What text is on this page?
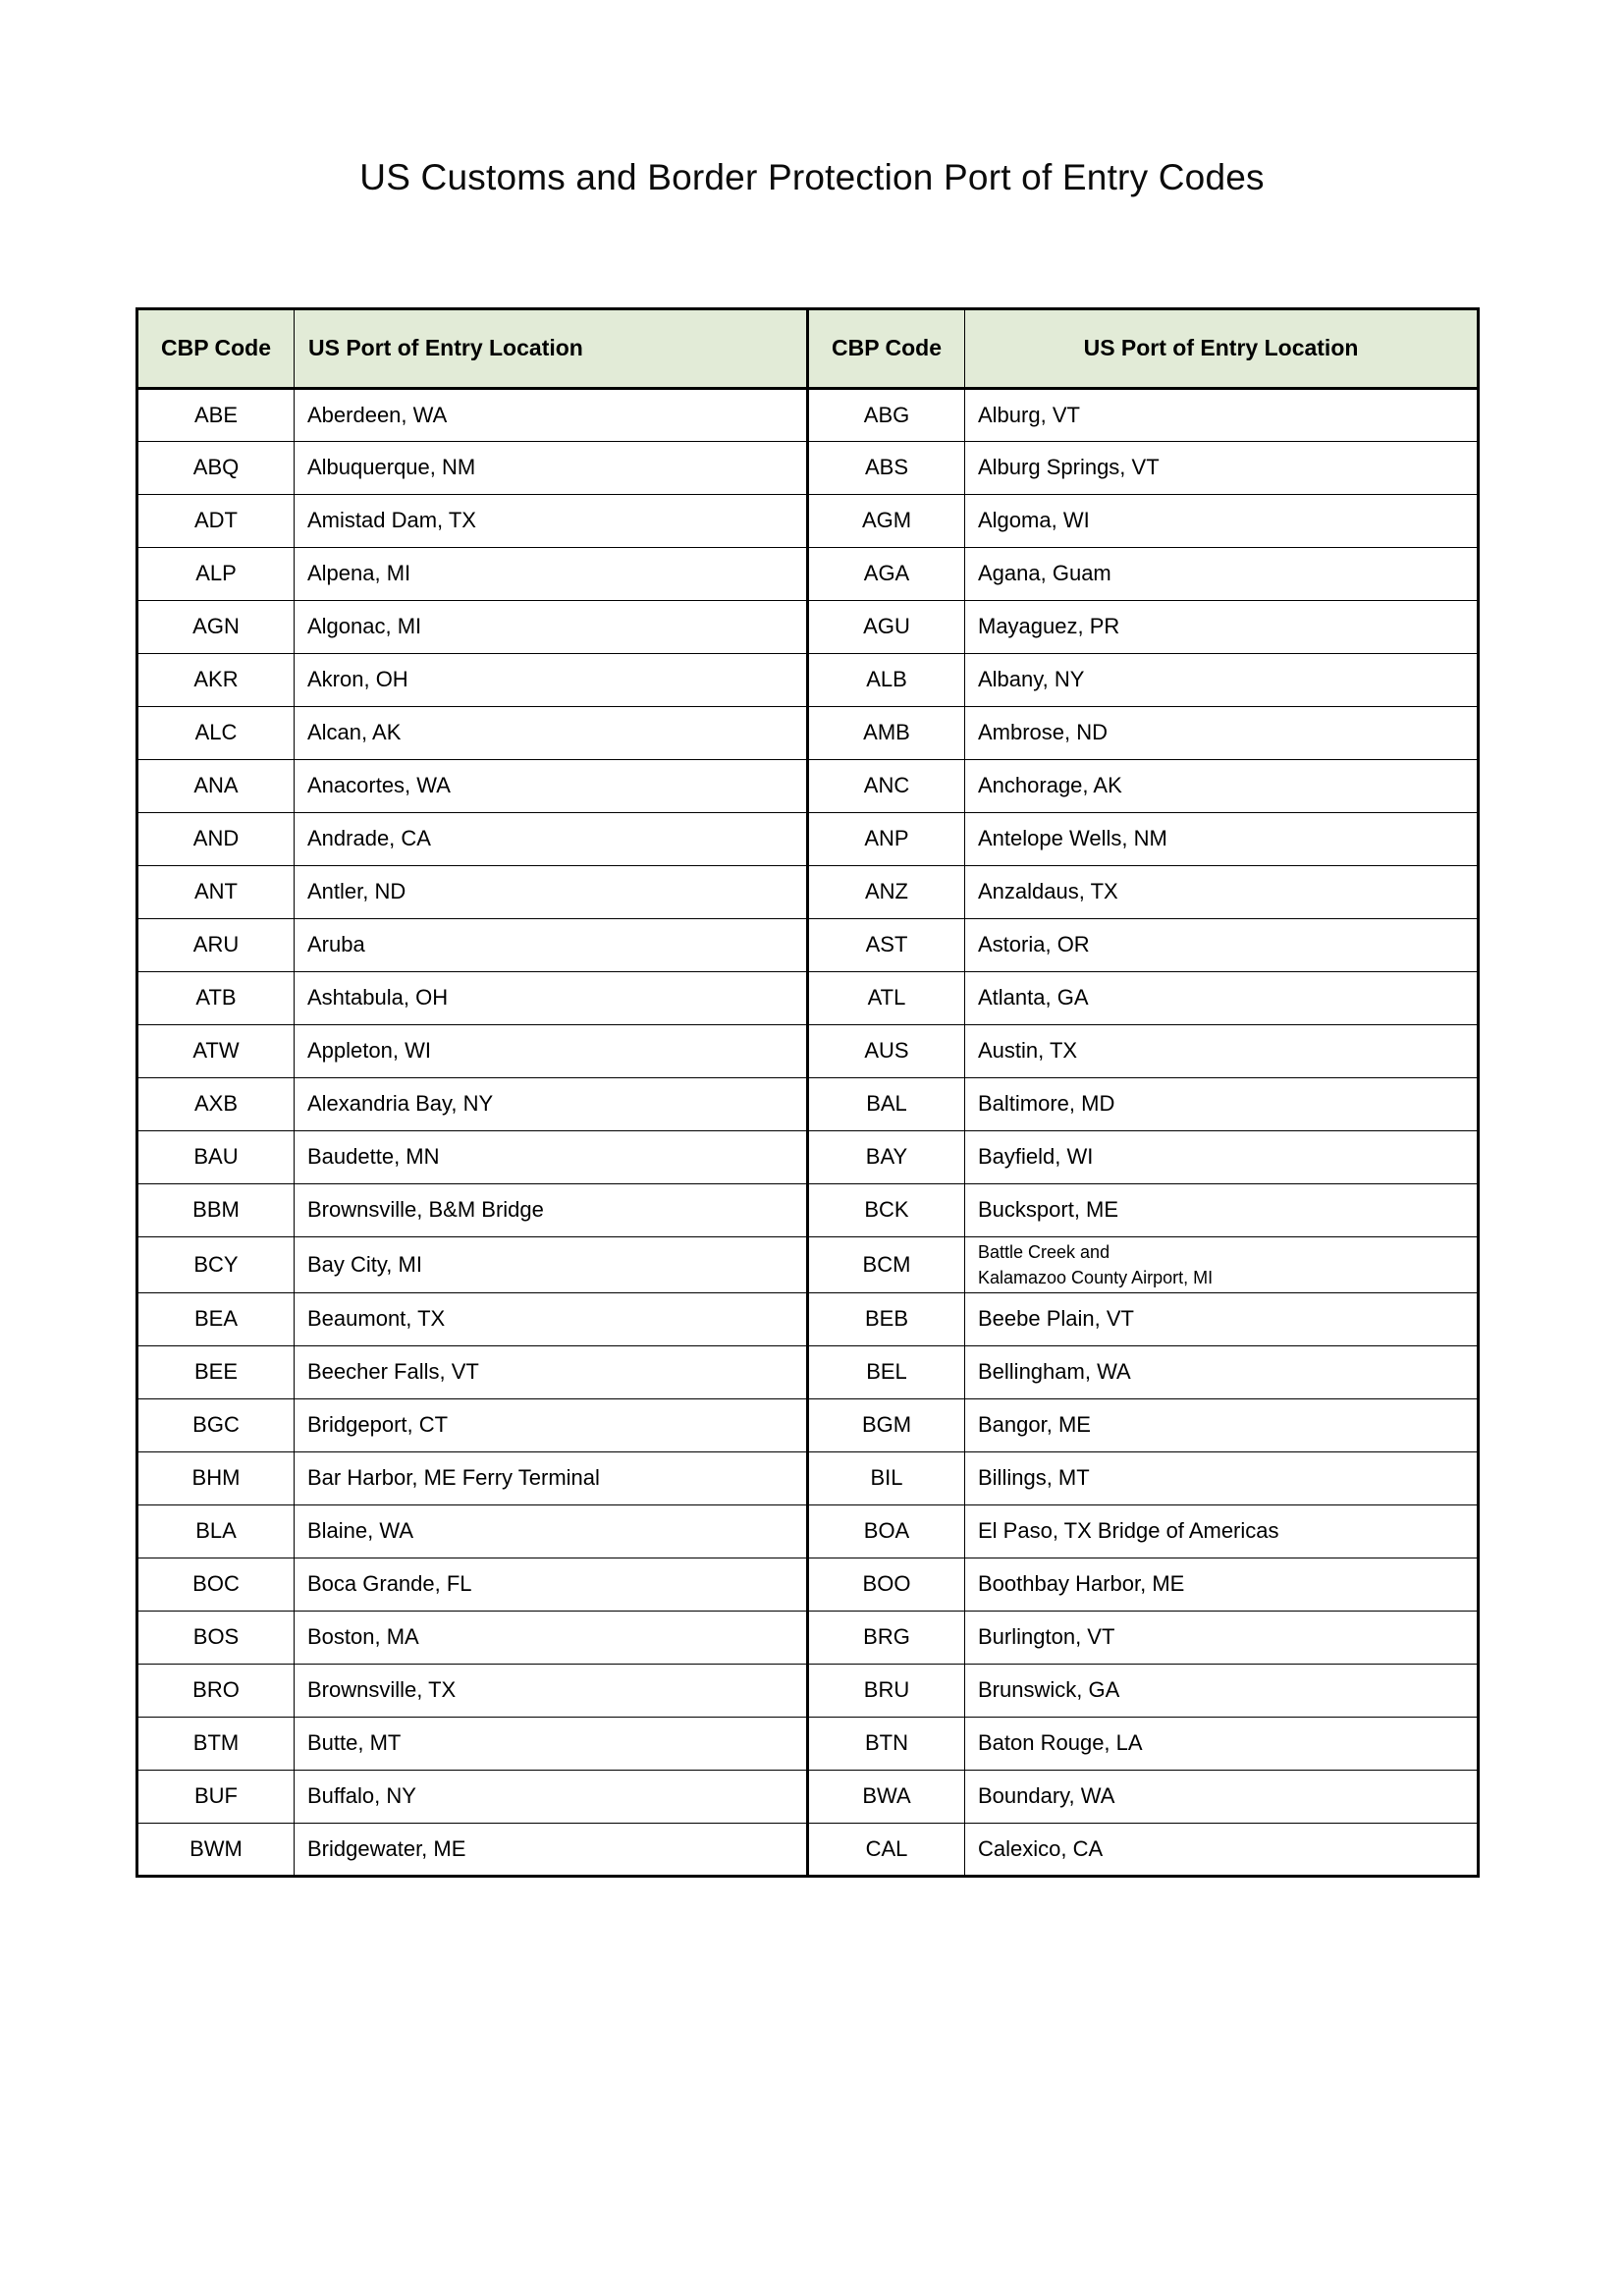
US Customs and Border Protection Port of Entry Codes
CBP Code	US Port of Entry Location	CBP Code	US Port of Entry Location
ABE	Aberdeen, WA	ABG	Alburg, VT
ABQ	Albuquerque, NM	ABS	Alburg Springs, VT
ADT	Amistad Dam, TX	AGM	Algoma, WI
ALP	Alpena, MI	AGA	Agana, Guam
AGN	Algonac, MI	AGU	Mayaguez, PR
AKR	Akron, OH	ALB	Albany, NY
ALC	Alcan, AK	AMB	Ambrose, ND
ANA	Anacortes, WA	ANC	Anchorage, AK
AND	Andrade, CA	ANP	Antelope Wells, NM
ANT	Antler, ND	ANZ	Anzaldaus, TX
ARU	Aruba	AST	Astoria, OR
ATB	Ashtabula, OH	ATL	Atlanta, GA
ATW	Appleton, WI	AUS	Austin, TX
AXB	Alexandria Bay, NY	BAL	Baltimore, MD
BAU	Baudette, MN	BAY	Bayfield, WI
BBM	Brownsville, B&M Bridge	BCK	Bucksport, ME
BCY	Bay City, MI	BCM	Battle Creek and
Kalamazoo County Airport, MI

BEA	Beaumont, TX	BEB	Beebe Plain, VT
BEE	Beecher Falls, VT	BEL	Bellingham, WA
BGC	Bridgeport, CT	BGM	Bangor, ME
BHM	Bar Harbor, ME Ferry Terminal	BIL	Billings, MT
BLA	Blaine, WA	BOA	El Paso, TX Bridge of Americas
BOC	Boca Grande, FL	BOO	Boothbay Harbor, ME
BOS	Boston, MA	BRG	Burlington, VT
BRO	Brownsville, TX	BRU	Brunswick, GA
BTM	Butte, MT	BTN	Baton Rouge, LA
BUF	Buffalo, NY	BWA	Boundary, WA
BWM	Bridgewater, ME	CAL	Calexico, CA
